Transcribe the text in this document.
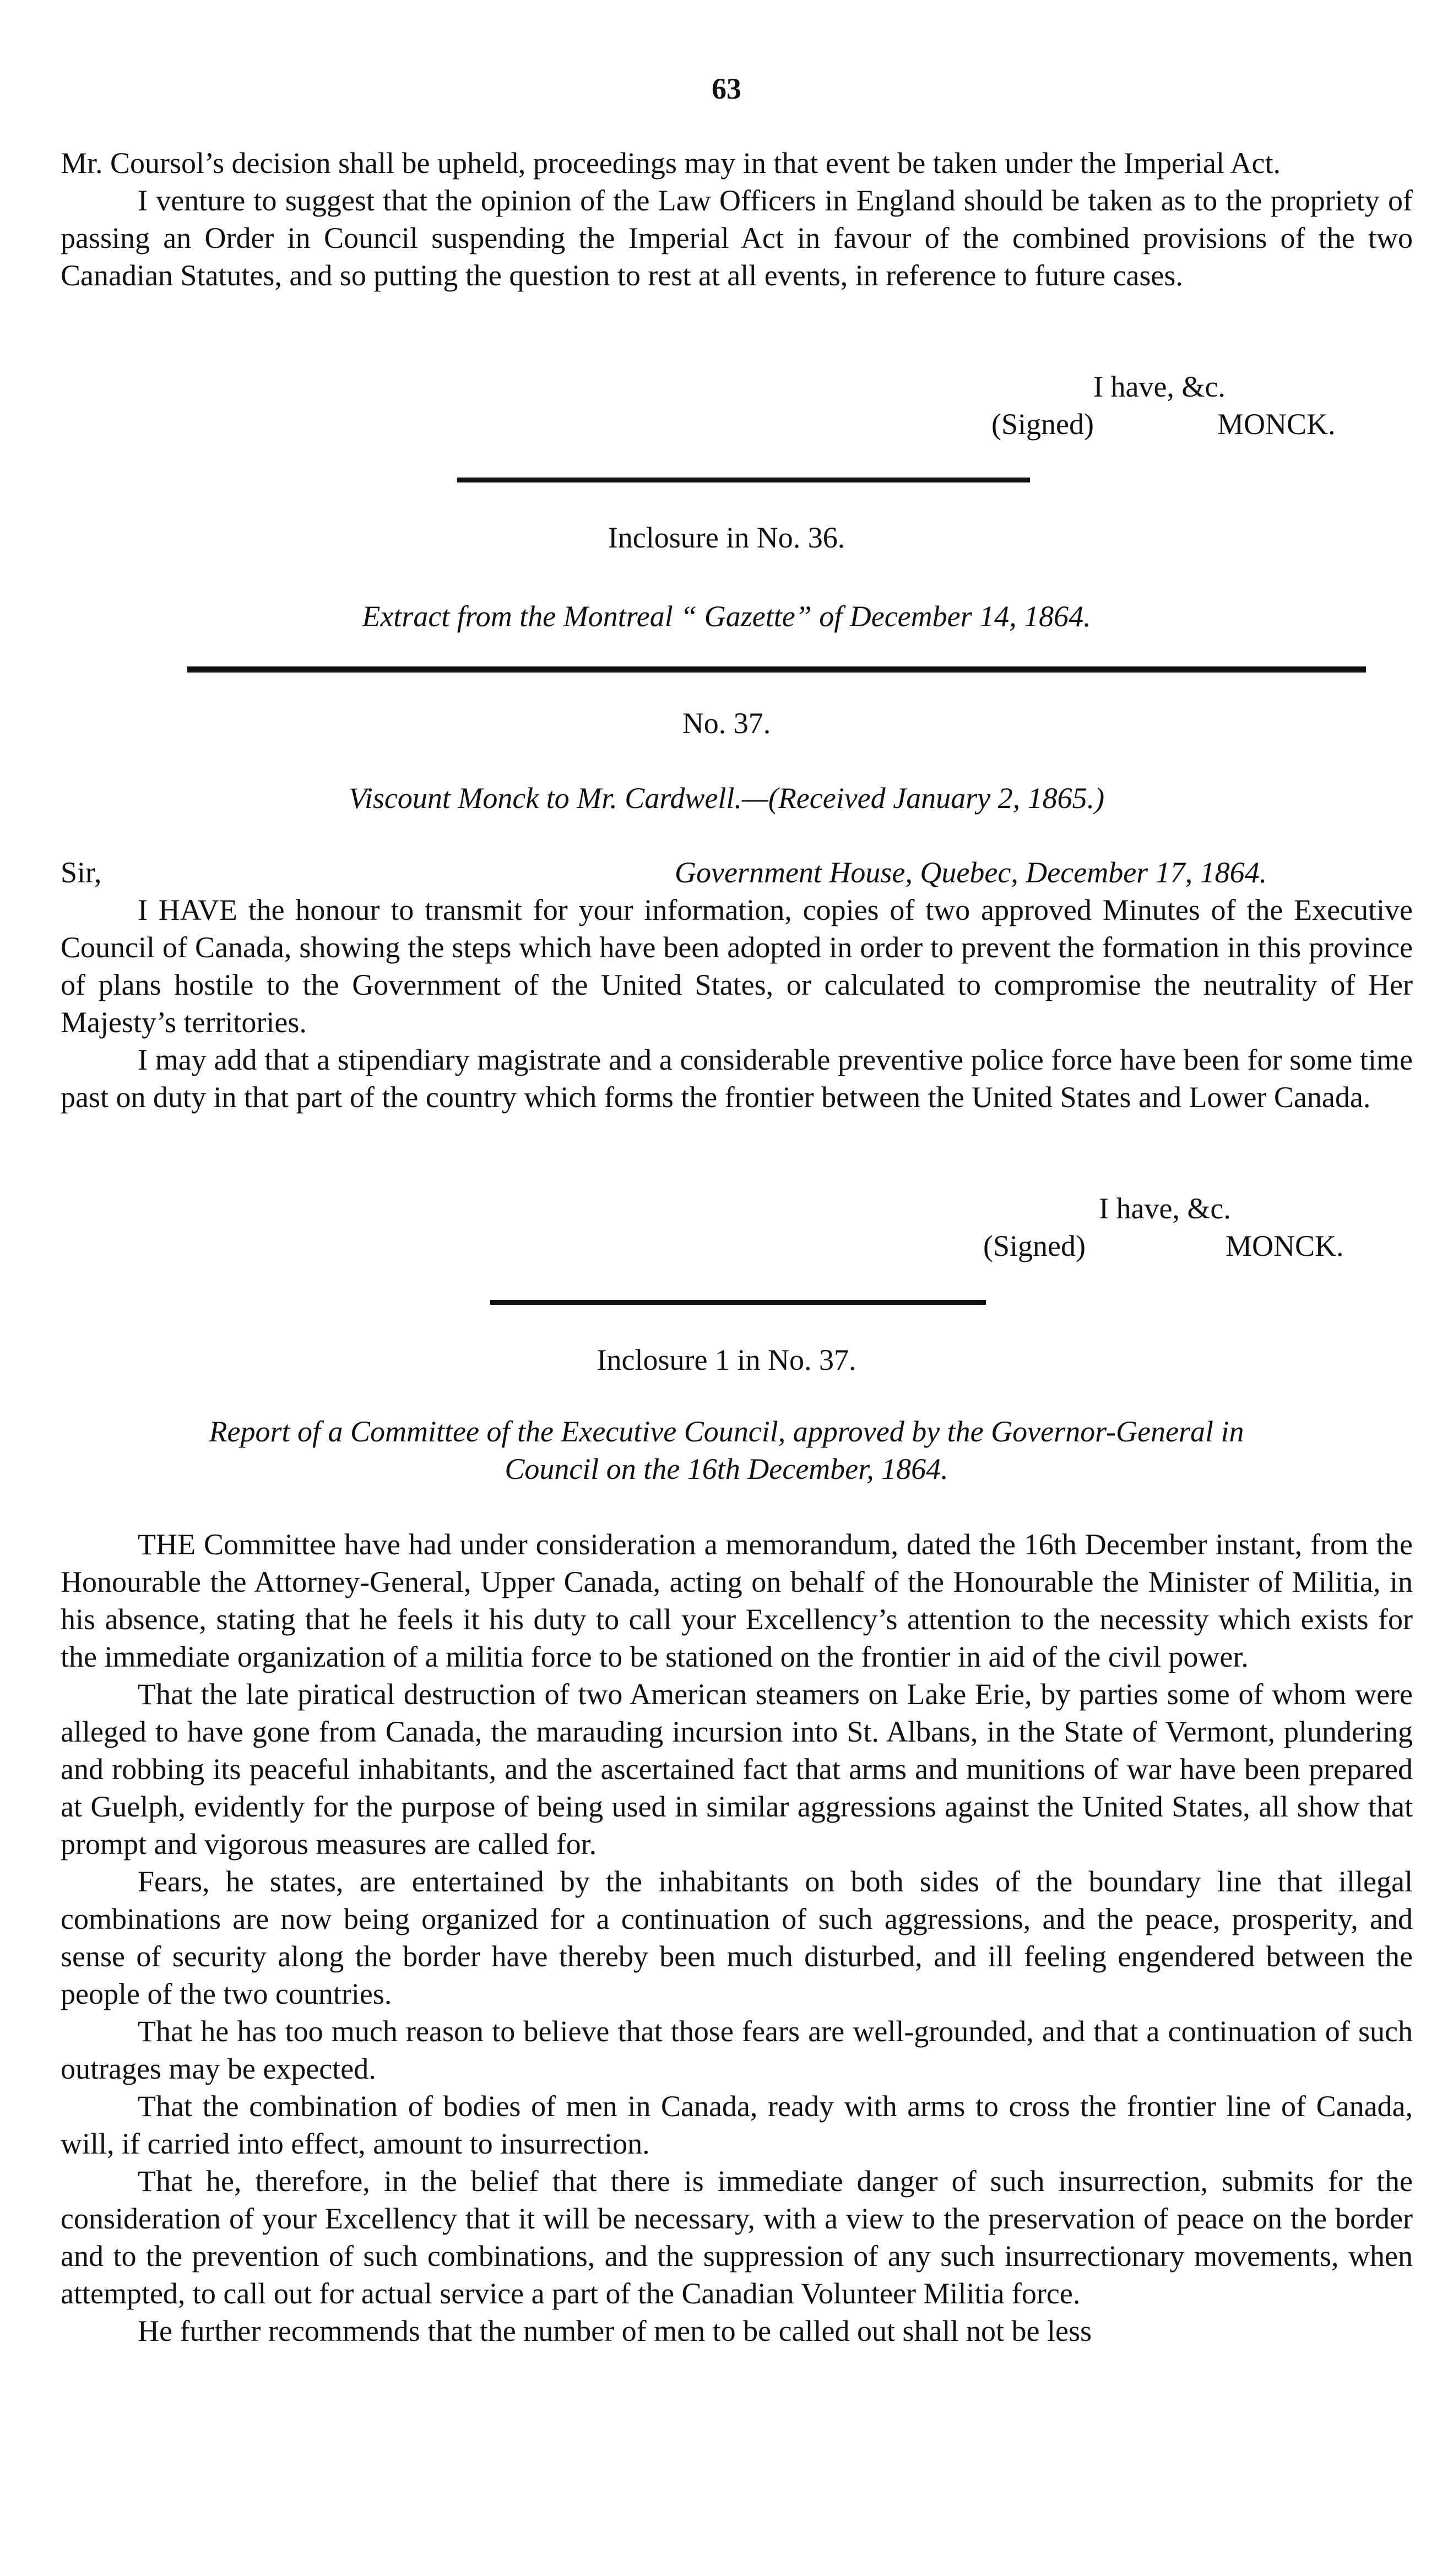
63

Mr. Coursol’s decision shall be upheld, proceedings may in that event be taken under the Imperial Act.

I venture to suggest that the opinion of the Law Officers in England should be taken as to the propriety of passing an Order in Council suspending the Imperial Act in favour of the combined provisions of the two Canadian Statutes, and so putting the question to rest at all events, in reference to future cases.

I have, &c.
(Signed)	MONCK.
Inclosure in No. 36.
Extract from the Montreal “ Gazette” of December 14, 1864.
No. 37.
Viscount Monck to Mr. Cardwell.—(Received January 2, 1865.)
Sir,	Government House, Quebec, December 17, 1864.

I HAVE the honour to transmit for your information, copies of two approved Minutes of the Executive Council of Canada, showing the steps which have been adopted in order to prevent the formation in this province of plans hostile to the Government of the United States, or calculated to compromise the neutrality of Her Majesty’s territories.

I may add that a stipendiary magistrate and a considerable preventive police force have been for some time past on duty in that part of the country which forms the frontier between the United States and Lower Canada.

I have, &c.
(Signed)	MONCK.
Inclosure 1 in No. 37.
Report of a Committee of the Executive Council, approved by the Governor-General in
Council on the 16th December, 1864.

THE Committee have had under consideration a memorandum, dated the 16th December instant, from the Honourable the Attorney-General, Upper Canada, acting on behalf of the Honourable the Minister of Militia, in his absence, stating that he feels it his duty to call your Excellency’s attention to the necessity which exists for the immediate organization of a militia force to be stationed on the frontier in aid of the civil power.

That the late piratical destruction of two American steamers on Lake Erie, by parties some of whom were alleged to have gone from Canada, the marauding incursion into St. Albans, in the State of Vermont, plundering and robbing its peaceful inhabitants, and the ascertained fact that arms and munitions of war have been prepared at Guelph, evidently for the purpose of being used in similar aggressions against the United States, all show that prompt and vigorous measures are called for.

Fears, he states, are entertained by the inhabitants on both sides of the boundary line that illegal combinations are now being organized for a continuation of such aggressions, and the peace, prosperity, and sense of security along the border have thereby been much disturbed, and ill feeling engendered between the people of the two countries.

That he has too much reason to believe that those fears are well-grounded, and that a continuation of such outrages may be expected.

That the combination of bodies of men in Canada, ready with arms to cross the frontier line of Canada, will, if carried into effect, amount to insurrection.

That he, therefore, in the belief that there is immediate danger of such insurrection, submits for the consideration of your Excellency that it will be necessary, with a view to the preservation of peace on the border and to the prevention of such combinations, and the suppression of any such insurrectionary movements, when attempted, to call out for actual service a part of the Canadian Volunteer Militia force.

He further recommends that the number of men to be called out shall not be less
